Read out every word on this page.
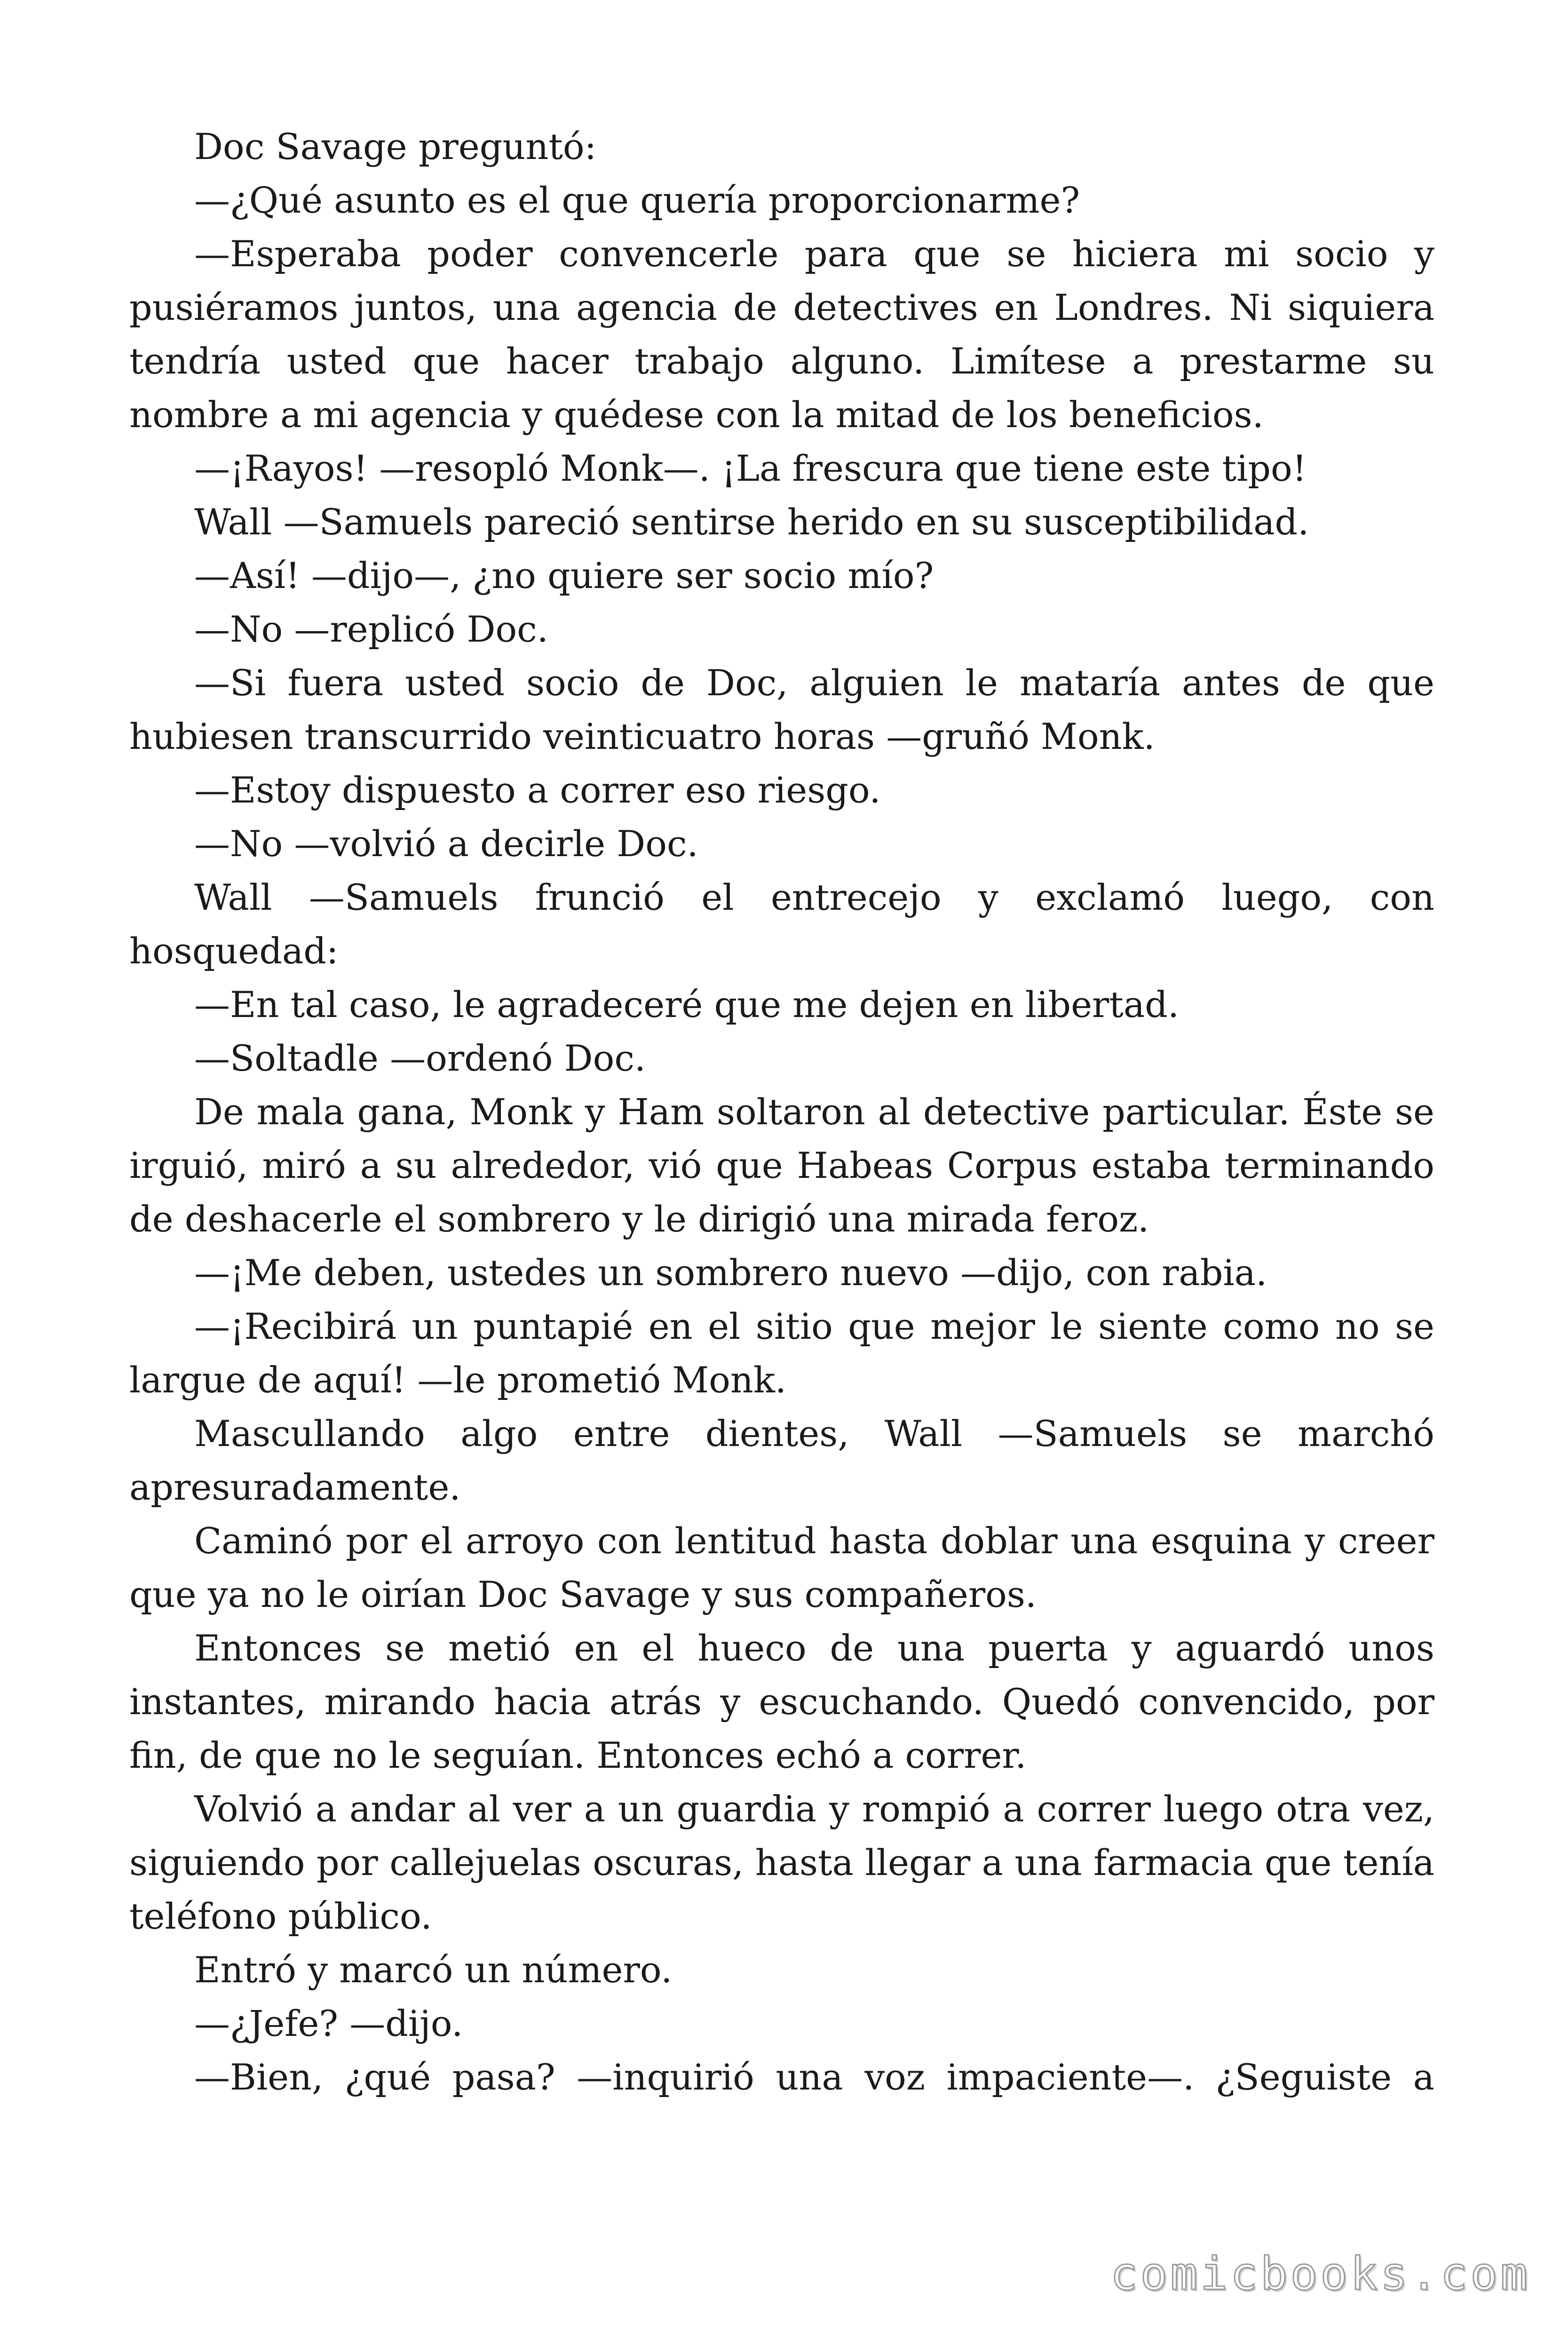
Doc Savage preguntó:

—¿Qué asunto es el que quería proporcionarme?

—Esperaba poder convencerle para que se hiciera mi socio y pusiéramos juntos, una agencia de detectives en Londres. Ni siquiera tendría usted que hacer trabajo alguno. Limítese a prestarme su nombre a mi agencia y quédese con la mitad de los beneficios.

—¡Rayos! —resopló Monk—. ¡La frescura que tiene este tipo!

Wall —Samuels pareció sentirse herido en su susceptibilidad.

—Así! —dijo—, ¿no quiere ser socio mío?

—No —replicó Doc.

—Si fuera usted socio de Doc, alguien le mataría antes de que hubiesen transcurrido veinticuatro horas —gruñó Monk.

—Estoy dispuesto a correr eso riesgo.

—No —volvió a decirle Doc.

Wall —Samuels frunció el entrecejo y exclamó luego, con hosquedad:

—En tal caso, le agradeceré que me dejen en libertad.

—Soltadle —ordenó Doc.

De mala gana, Monk y Ham soltaron al detective particular. Éste se irguió, miró a su alrededor, vió que Habeas Corpus estaba terminando de deshacerle el sombrero y le dirigió una mirada feroz.

—¡Me deben, ustedes un sombrero nuevo —dijo, con rabia.

—¡Recibirá un puntapié en el sitio que mejor le siente como no se largue de aquí! —le prometió Monk.

Mascullando algo entre dientes, Wall —Samuels se marchó apresuradamente.

Caminó por el arroyo con lentitud hasta doblar una esquina y creer que ya no le oirían Doc Savage y sus compañeros.

Entonces se metió en el hueco de una puerta y aguardó unos instantes, mirando hacia atrás y escuchando. Quedó convencido, por fin, de que no le seguían. Entonces echó a correr.

Volvió a andar al ver a un guardia y rompió a correr luego otra vez, siguiendo por callejuelas oscuras, hasta llegar a una farmacia que tenía teléfono público.

Entró y marcó un número.

—¿Jefe? —dijo.

—Bien, ¿qué pasa? —inquirió una voz impaciente—. ¿Seguiste a

comicbooks.com
